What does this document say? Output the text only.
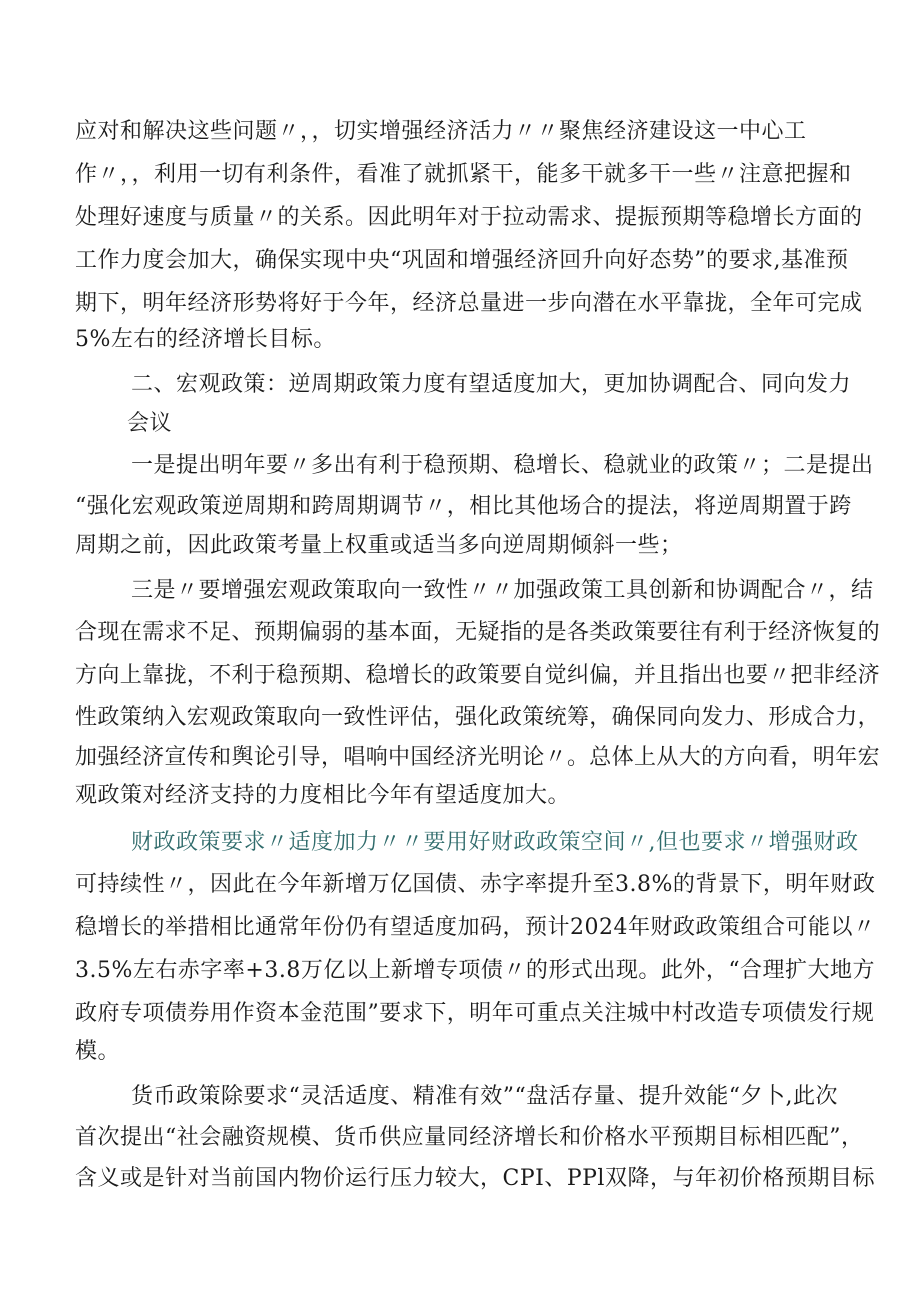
应对和解决这些问题〃，，切实增强经济活力〃〃聚焦经济建设这一中心工
作〃，，利用一切有利条件，看准了就抓紧干，能多干就多干一些〃注意把握和
处理好速度与质量〃的关系。因此明年对于拉动需求、提振预期等稳增长方面的
工作力度会加大，确保实现中央“巩固和增强经济回升向好态势”的要求,基准预
期下，明年经济形势将好于今年，经济总量进一步向潜在水平靠拢，全年可完成
5%左右的经济增长目标。
二、宏观政策：逆周期政策力度有望适度加大，更加协调配合、同向发力
会议
一是提出明年要〃多出有利于稳预期、稳增长、稳就业的政策〃；二是提出
“强化宏观政策逆周期和跨周期调节〃，相比其他场合的提法，将逆周期置于跨
周期之前，因此政策考量上权重或适当多向逆周期倾斜一些；
三是〃要增强宏观政策取向一致性〃〃加强政策工具创新和协调配合〃，结
合现在需求不足、预期偏弱的基本面，无疑指的是各类政策要往有利于经济恢复的
方向上靠拢，不利于稳预期、稳增长的政策要自觉纠偏，并且指出也要〃把非经济
性政策纳入宏观政策取向一致性评估，强化政策统筹，确保同向发力、形成合力，
加强经济宣传和舆论引导，唱响中国经济光明论〃。总体上从大的方向看，明年宏
观政策对经济支持的力度相比今年有望适度加大。
财政政策要求〃适度加力〃〃要用好财政政策空间〃,但也要求〃增强财政
可持续性〃，因此在今年新增万亿国债、赤字率提升至3.8%的背景下，明年财政
稳增长的举措相比通常年份仍有望适度加码，预计2024年财政政策组合可能以〃
3.5%左右赤字率+3.8万亿以上新增专项债〃的形式出现。此外，“合理扩大地方
政府专项债券用作资本金范围”要求下，明年可重点关注城中村改造专项债发行规
模。
货币政策除要求“灵活适度、精准有效”“盘活存量、提升效能“夕卜,此次
首次提出“社会融资规模、货币供应量同经济增长和价格水平预期目标相匹配”，
含义或是针对当前国内物价运行压力较大，CPI、PPl双降，与年初价格预期目标
